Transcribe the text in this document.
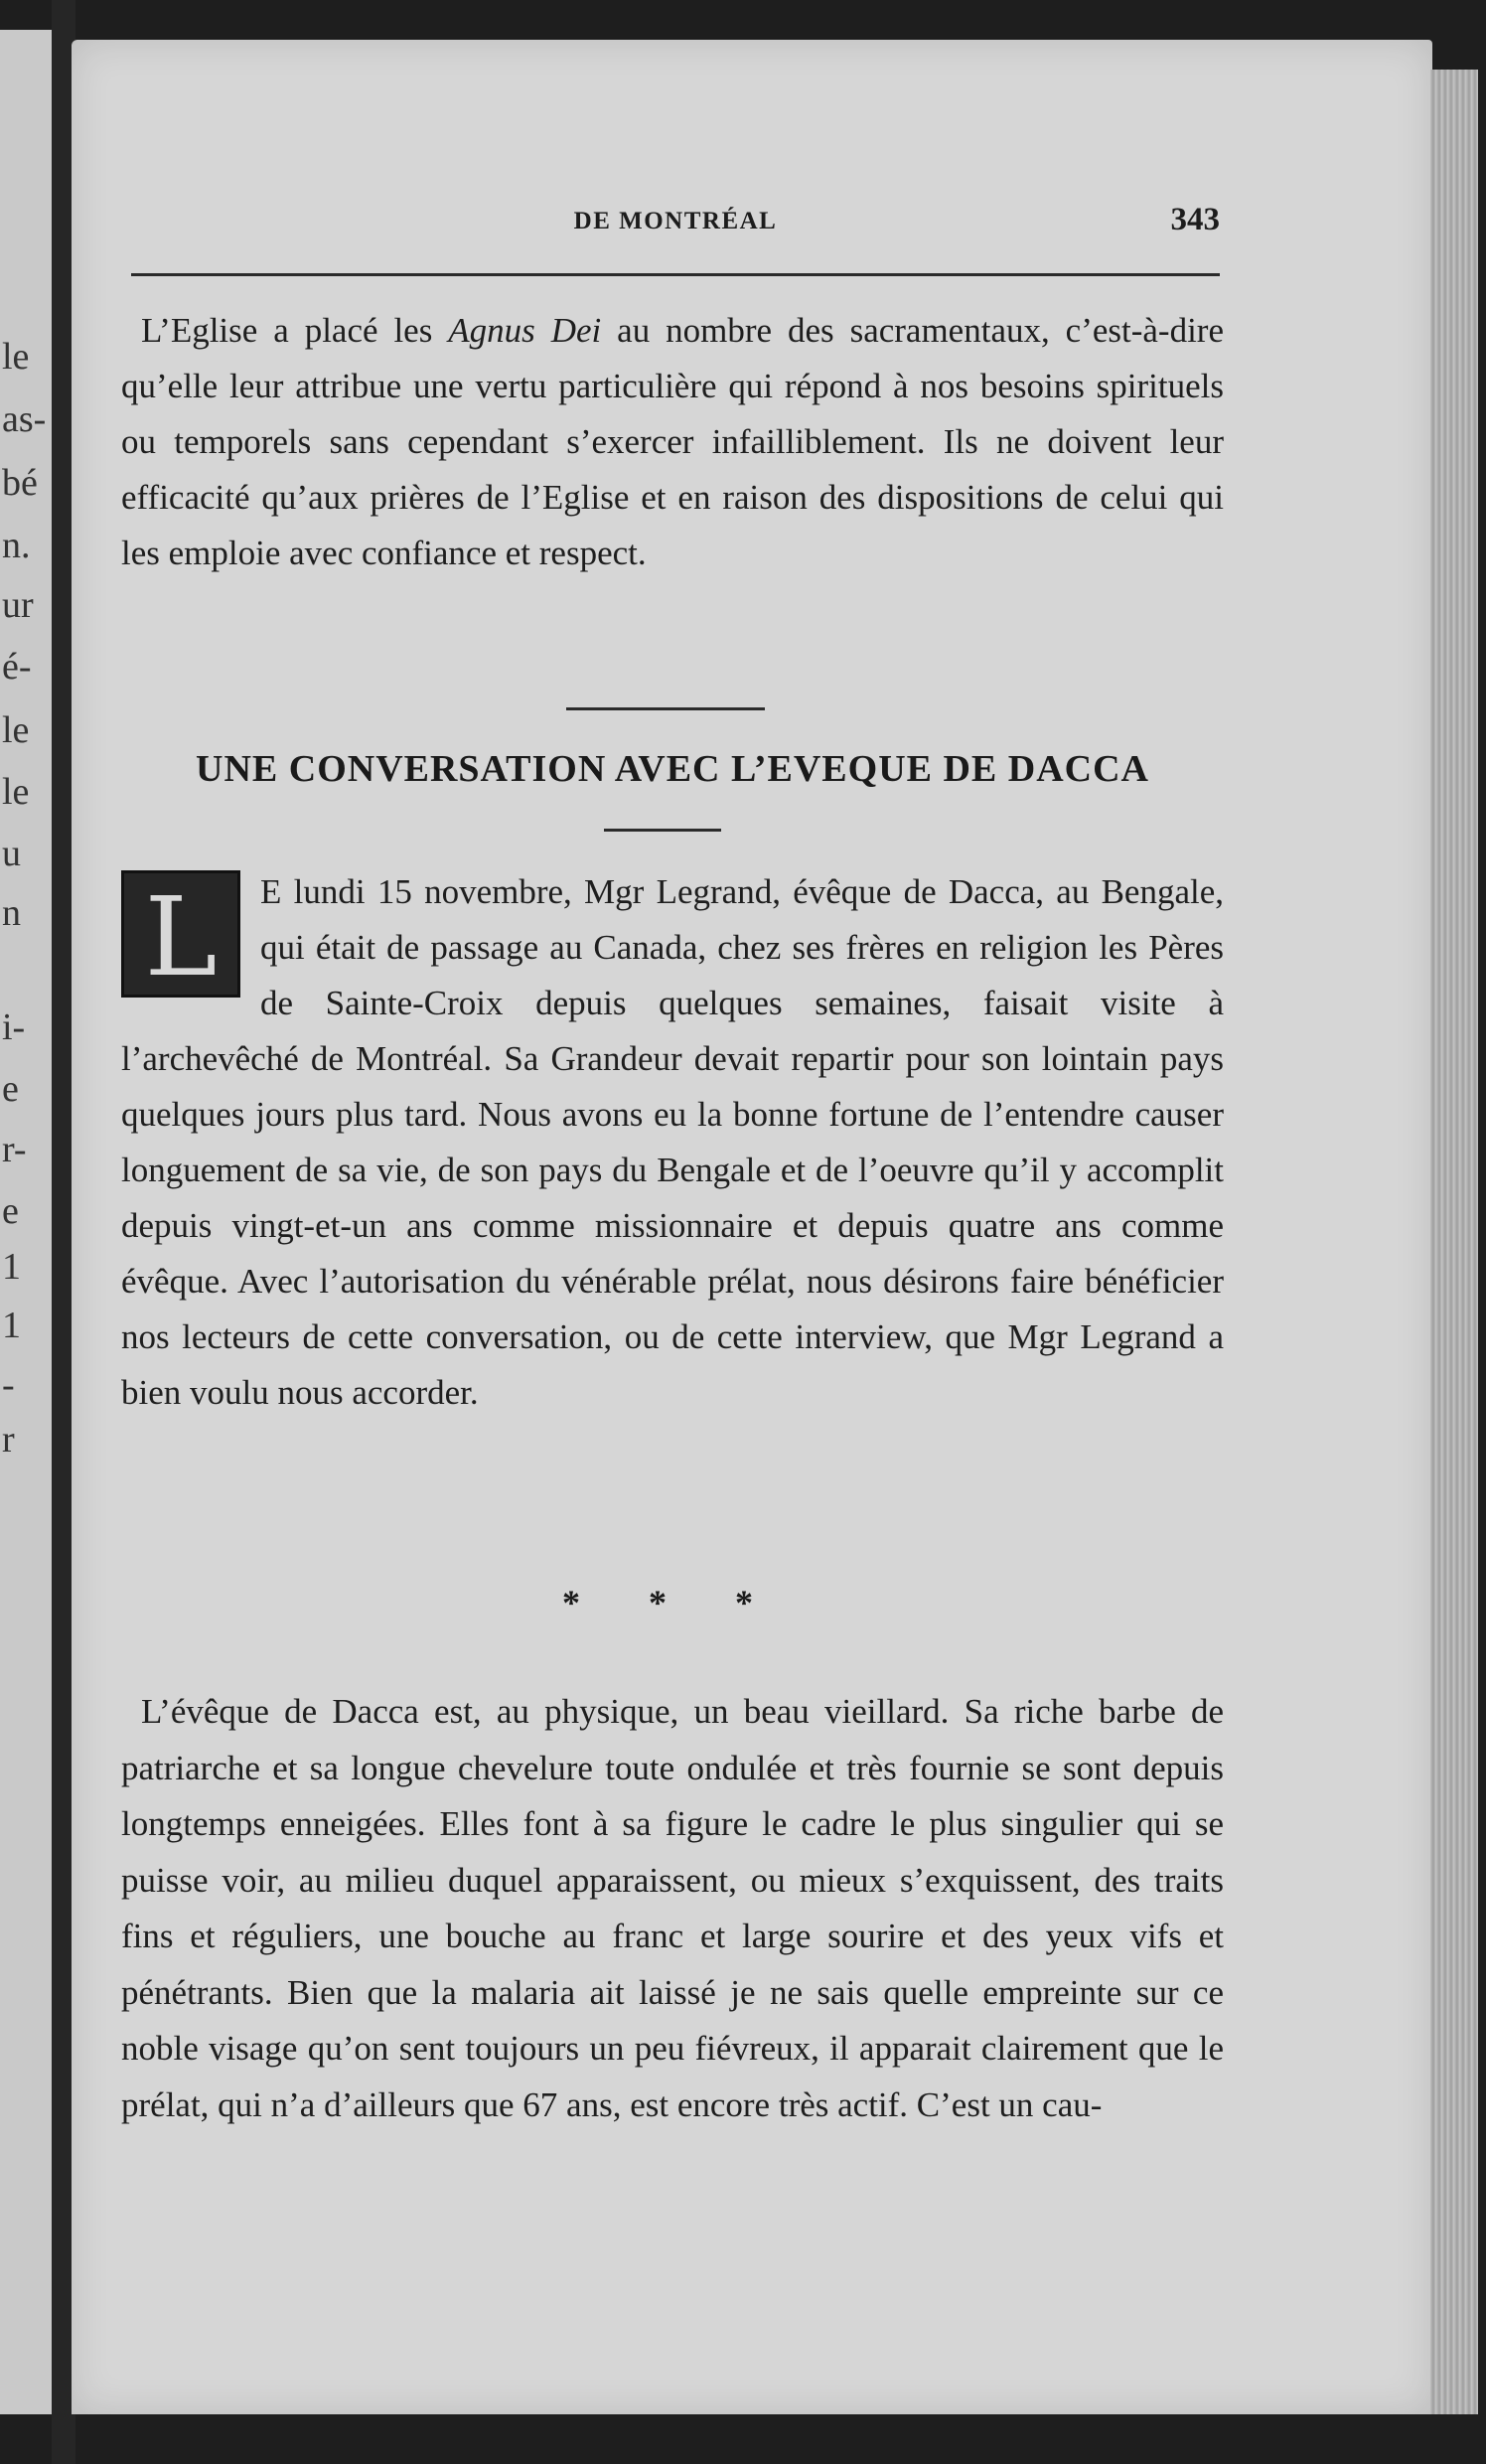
le
as-
bé
n.
ur
é-
le
le
u
n
i-
e
r-
e
1
1
-
r
DE MONTRÉAL	343

L’Eglise a placé les Agnus Dei au nombre des sacramentaux, c’est-à-dire qu’elle leur attribue une vertu particulière qui répond à nos besoins spirituels ou temporels sans cependant s’exercer infailliblement. Ils ne doivent leur efficacité qu’aux prières de l’Eglise et en raison des dispositions de celui qui les emploie avec confiance et respect.

UNE CONVERSATION AVEC L’EVEQUE DE DACCA
L	E lundi 15 novembre, Mgr Legrand, évêque de Dacca, au Bengale, qui était de passage au Canada, chez ses frères en religion les Pères de Sainte-Croix depuis quelques semaines, faisait visite à l’archevêché de Montréal. Sa Grandeur devait repartir pour son lointain pays quelques jours plus tard. Nous avons eu la bonne fortune de l’entendre causer longuement de sa vie, de son pays du Bengale et de l’oeuvre qu’il y accomplit depuis vingt-et-un ans comme missionnaire et depuis quatre ans comme évêque. Avec l’autorisation du vénérable prélat, nous désirons faire bénéficier nos lecteurs de cette conversation, ou de cette interview, que Mgr Legrand a bien voulu nous accorder.

* * *

L’évêque de Dacca est, au physique, un beau vieillard. Sa riche barbe de patriarche et sa longue chevelure toute ondulée et très fournie se sont depuis longtemps enneigées. Elles font à sa figure le cadre le plus singulier qui se puisse voir, au milieu duquel apparaissent, ou mieux s’exquissent, des traits fins et réguliers, une bouche au franc et large sourire et des yeux vifs et pénétrants. Bien que la malaria ait laissé je ne sais quelle empreinte sur ce noble visage qu’on sent toujours un peu fiévreux, il apparait clairement que le prélat, qui n’a d’ailleurs que 67 ans, est encore très actif. C’est un cau-
